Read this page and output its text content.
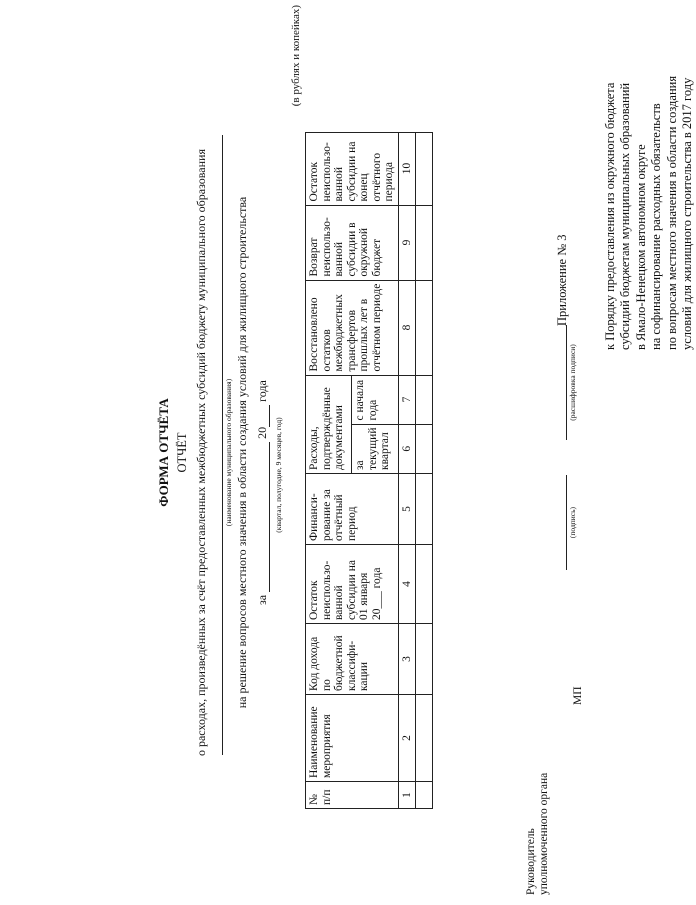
Приложение № 3	к Порядку предоставления из окружного бюджета субсидий бюджетам муниципальных образований в Ямало-Ненецком автономном округе на софинансирование расходных обязательств по вопросам местного значения в области создания условий для жилищного строительства в 2017 году
ФОРМА ОТЧЁТА ОТЧЁТ о расходах, произведённых за счёт предоставленных межбюджетных субсидий бюджету муниципального образования (наименование муниципального образования) на решение вопросов местного значения в области создания условий для жилищного строительства за   20  года
(квартал, полугодие, 9 месяцев, год)
(в рублях и копейках)
№ п/п	Наименование мероприятия	Код дохода по бюджетной классифи-кации	Остаток неиспользо-ванной субсидии на 01 января 20___ года	Финанси-рование за отчётный период	Расходы, подтверждённые документами		Восстановлено остатков межбюджетных трансфертов прошлых лет в отчётном периоде	Возврат неиспользо-ванной субсидии в окружной бюджет	Остаток неиспользо-ванной субсидии на конец отчётного периода
					за текущий квартал	с начала года			
1	2	3	4	5	6	7	8	9	10

Руководитель уполномоченного органа
МП
(подпись)
(расшифровка подписи)
